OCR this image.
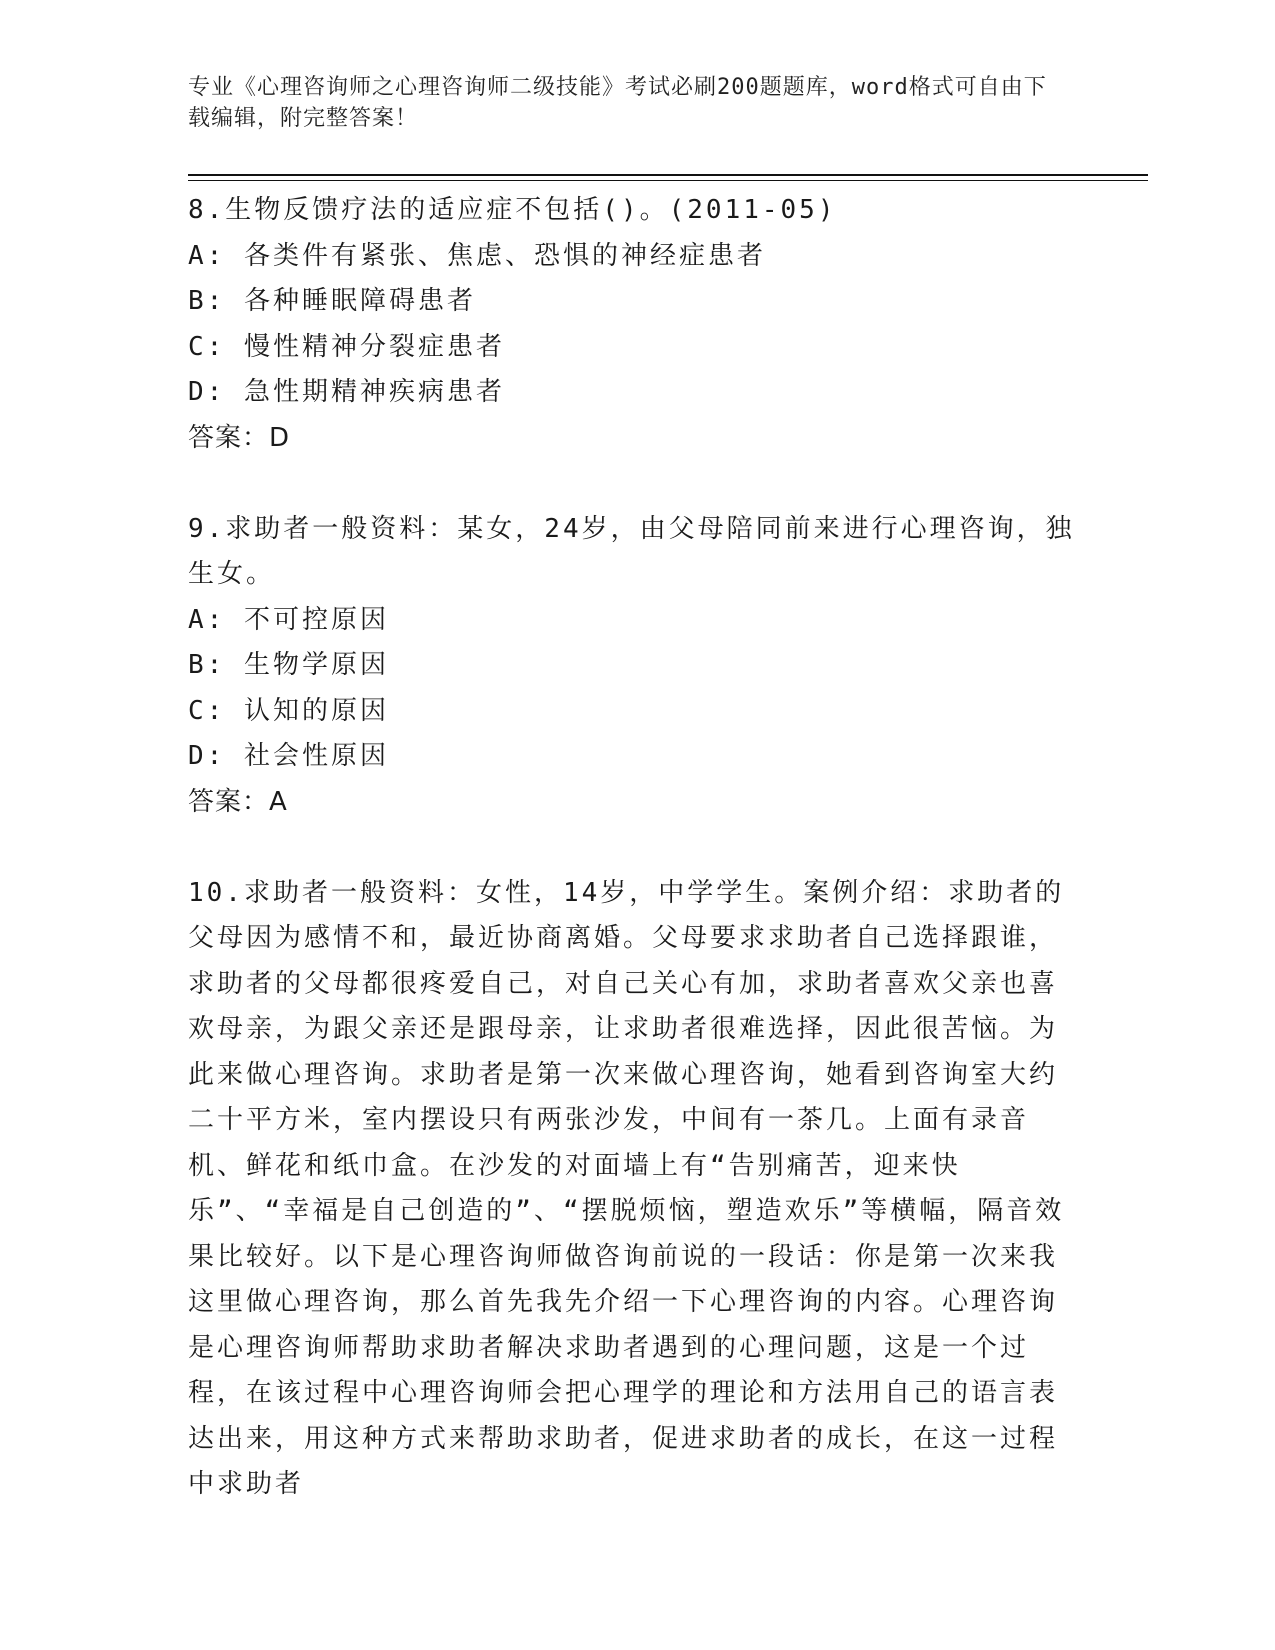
专业《心理咨询师之心理咨询师二级技能》考试必刷200题题库，word格式可自由下载编辑，附完整答案！
8.生物反馈疗法的适应症不包括()。(2011-05)
A: 各类件有紧张、焦虑、恐惧的神经症患者
B: 各种睡眠障碍患者
C: 慢性精神分裂症患者
D: 急性期精神疾病患者
答案：D
9.求助者一般资料：某女，24岁，由父母陪同前来进行心理咨询，独生女。
A: 不可控原因
B: 生物学原因
C: 认知的原因
D: 社会性原因
答案：A
10.求助者一般资料：女性，14岁，中学学生。案例介绍：求助者的父母因为感情不和，最近协商离婚。父母要求求助者自己选择跟谁，求助者的父母都很疼爱自己，对自己关心有加，求助者喜欢父亲也喜欢母亲，为跟父亲还是跟母亲，让求助者很难选择，因此很苦恼。为此来做心理咨询。求助者是第一次来做心理咨询，她看到咨询室大约二十平方米，室内摆设只有两张沙发，中间有一茶几。上面有录音机、鲜花和纸巾盒。在沙发的对面墙上有“告别痛苦，迎来快乐”、“幸福是自己创造的”、“摆脱烦恼，塑造欢乐”等横幅，隔音效果比较好。以下是心理咨询师做咨询前说的一段话：你是第一次来我这里做心理咨询，那么首先我先介绍一下心理咨询的内容。心理咨询是心理咨询师帮助求助者解决求助者遇到的心理问题，这是一个过程，在该过程中心理咨询师会把心理学的理论和方法用自己的语言表达出来，用这种方式来帮助求助者，促进求助者的成长，在这一过程中求助者
